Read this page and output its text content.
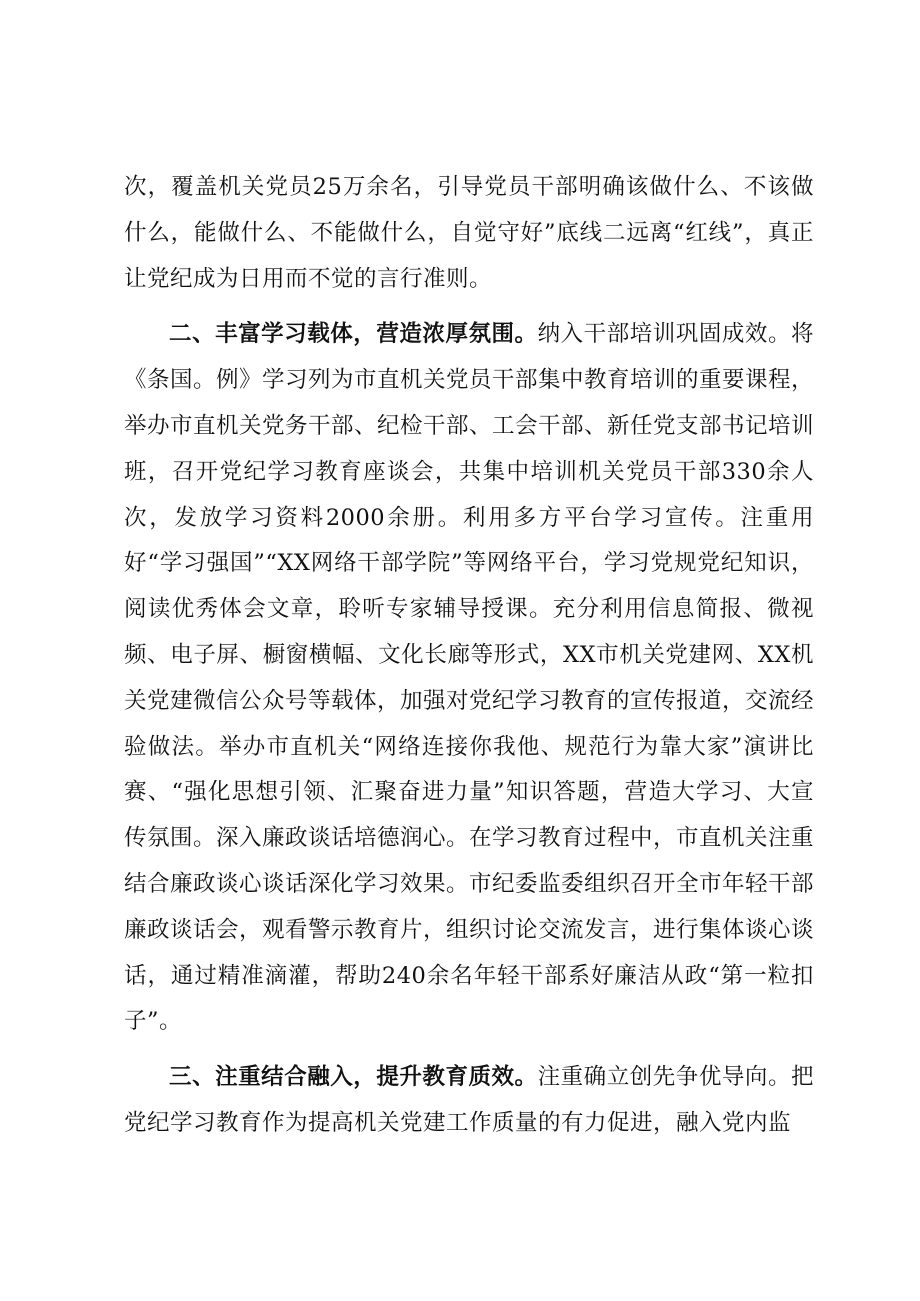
次，覆盖机关党员25万余名，引导党员干部明确该做什么、不该做什么，能做什么、不能做什么，自觉守好”底线二远离“红线”，真正让党纪成为日用而不觉的言行准则。

二、丰富学习载体，营造浓厚氛围。纳入干部培训巩固成效。将《条国。例》学习列为市直机关党员干部集中教育培训的重要课程，举办市直机关党务干部、纪检干部、工会干部、新任党支部书记培训班，召开党纪学习教育座谈会，共集中培训机关党员干部330余人次，发放学习资料2000余册。利用多方平台学习宣传。注重用好“学习强国”“XX网络干部学院”等网络平台，学习党规党纪知识，阅读优秀体会文章，聆听专家辅导授课。充分利用信息简报、微视频、电子屏、橱窗横幅、文化长廊等形式，XX市机关党建网、XX机关党建微信公众号等载体，加强对党纪学习教育的宣传报道，交流经验做法。举办市直机关“网络连接你我他、规范行为靠大家”演讲比赛、“强化思想引领、汇聚奋进力量”知识答题，营造大学习、大宣传氛围。深入廉政谈话培德润心。在学习教育过程中，市直机关注重结合廉政谈心谈话深化学习效果。市纪委监委组织召开全市年轻干部廉政谈话会，观看警示教育片，组织讨论交流发言，进行集体谈心谈话，通过精准滴灌，帮助240余名年轻干部系好廉洁从政“第一粒扣子”。

三、注重结合融入，提升教育质效。注重确立创先争优导向。把党纪学习教育作为提高机关党建工作质量的有力促进，融入党内监
